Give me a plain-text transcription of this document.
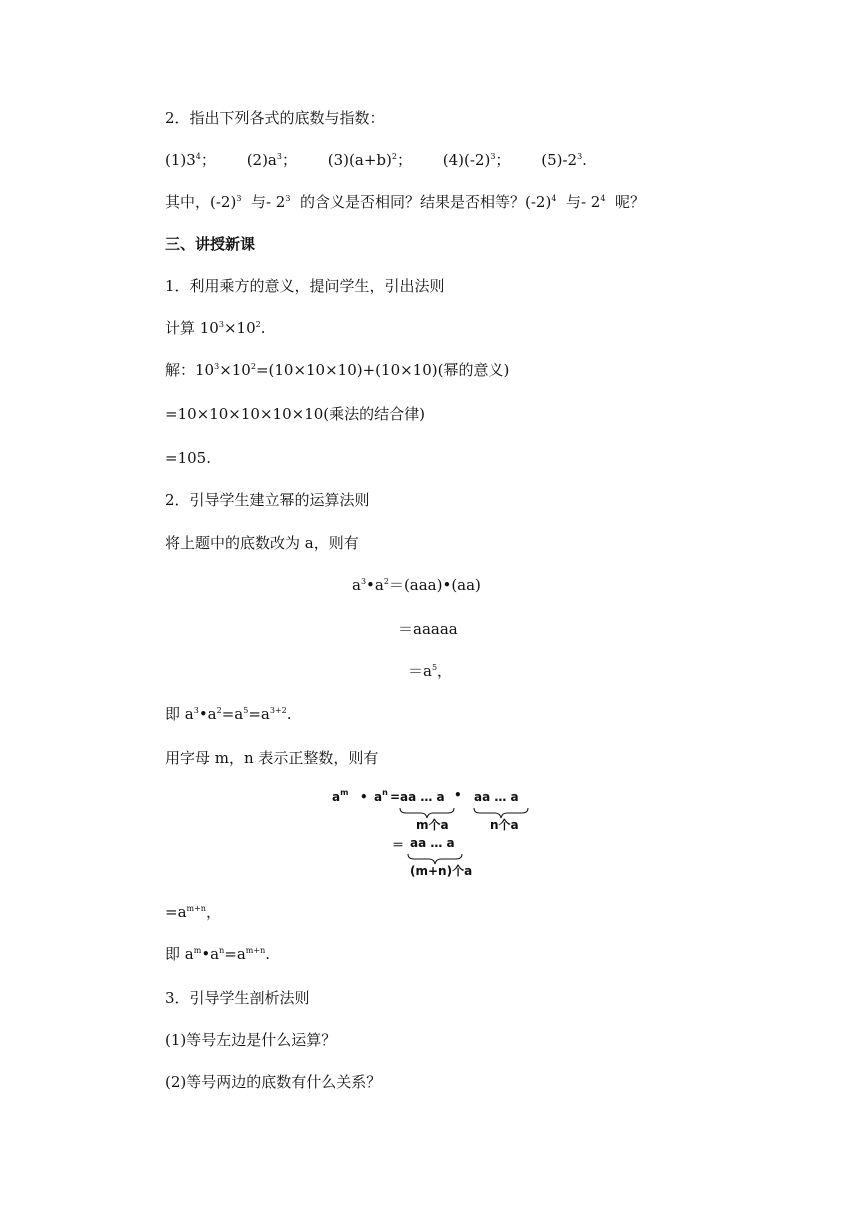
2．指出下列各式的底数与指数：
$(1)3^4$； $(2)a^3$； $(3)(a+b)^2$； $(4)(-2)^3$； $(5)-2^3$.
其中，$(-2)^3$ 与- $2^3$ 的含义是否相同？结果是否相等？$(-2)^4$ 与- $2^4$ 呢？
三、讲授新课
1．利用乘方的意义，提问学生，引出法则
计算 $10^3\times 10^2$.
解：$10^3\times 10^2=(10\times 10\times 10)+(10\times 10)$(幂的意义)
=10×10×10×10×10(乘法的结合律)
=105.
2．引导学生建立幂的运算法则
将上题中的底数改为 a，则有
$a^3•a^2=(aaa)•(aa)$
＝aaaaa
$=a^5$，
即 $a^3•a^2=a^5=a^{3+2}$.
用字母 m，n 表示正整数，则有
$a^m$ • $a^n$ = aa … a • aa … a
m个a	n个a
＝ aa … a
(m+n)个a
$=a^{m+n}$，
即 $a^m•a^n=a^{m+n}$.
3．引导学生剖析法则
(1)等号左边是什么运算？
(2)等号两边的底数有什么关系？
